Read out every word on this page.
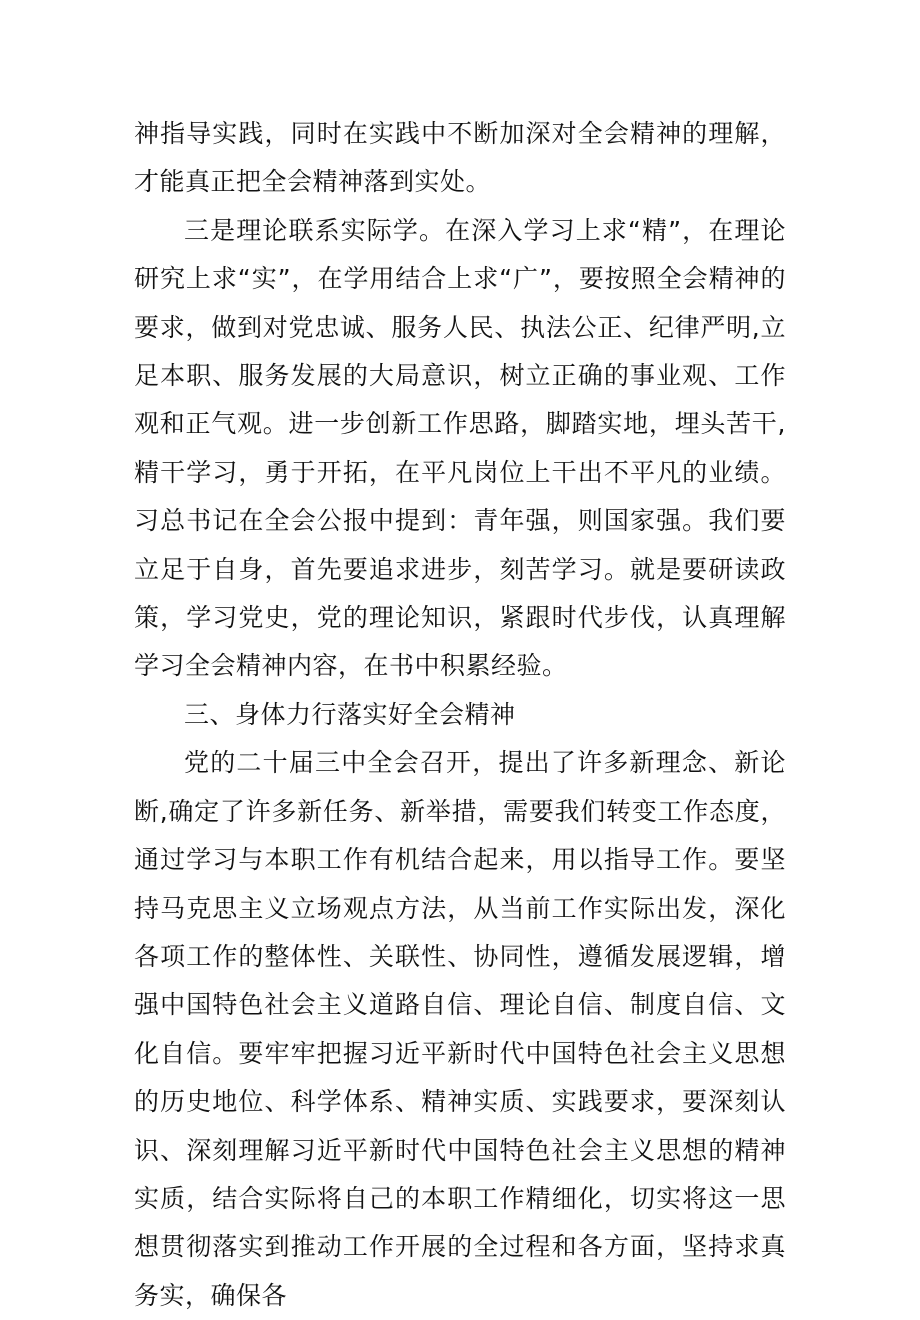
神指导实践，同时在实践中不断加深对全会精神的理解，才能真正把全会精神落到实处。

三是理论联系实际学。在深入学习上求“精”，在理论研究上求“实”，在学用结合上求“广”，要按照全会精神的要求，做到对党忠诚、服务人民、执法公正、纪律严明,立足本职、服务发展的大局意识，树立正确的事业观、工作观和正气观。进一步创新工作思路，脚踏实地，埋头苦干,精干学习，勇于开拓，在平凡岗位上干出不平凡的业绩。习总书记在全会公报中提到：青年强，则国家强。我们要立足于自身，首先要追求进步，刻苦学习。就是要研读政策，学习党史，党的理论知识，紧跟时代步伐，认真理解学习全会精神内容，在书中积累经验。

三、身体力行落实好全会精神

党的二十届三中全会召开，提出了许多新理念、新论断,确定了许多新任务、新举措，需要我们转变工作态度，通过学习与本职工作有机结合起来，用以指导工作。要坚持马克思主义立场观点方法，从当前工作实际出发，深化各项工作的整体性、关联性、协同性，遵循发展逻辑，增强中国特色社会主义道路自信、理论自信、制度自信、文化自信。要牢牢把握习近平新时代中国特色社会主义思想的历史地位、科学体系、精神实质、实践要求，要深刻认识、深刻理解习近平新时代中国特色社会主义思想的精神实质，结合实际将自己的本职工作精细化，切实将这一思想贯彻落实到推动工作开展的全过程和各方面，坚持求真务实，确保各
